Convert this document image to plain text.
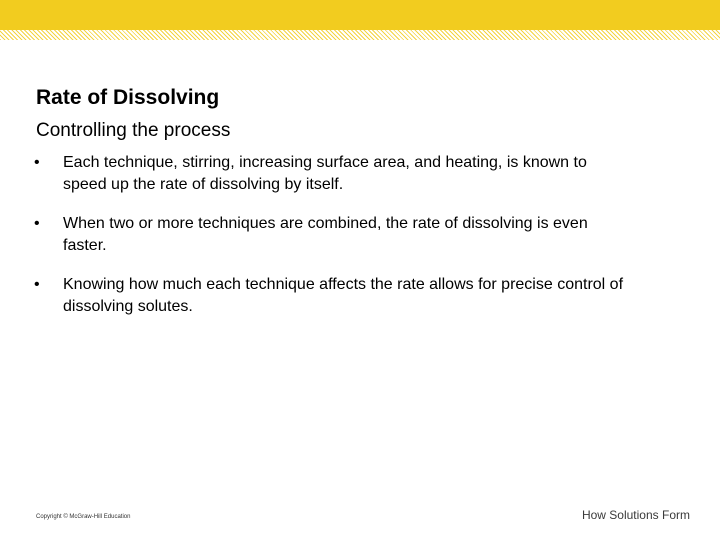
Rate of Dissolving
Controlling the process
• Each technique, stirring, increasing surface area, and heating, is known to speed up the rate of dissolving by itself.
• When two or more techniques are combined, the rate of dissolving is even faster.
• Knowing how much each technique affects the rate allows for precise control of dissolving solutes.
Copyright © McGraw-Hill Education	How Solutions Form
